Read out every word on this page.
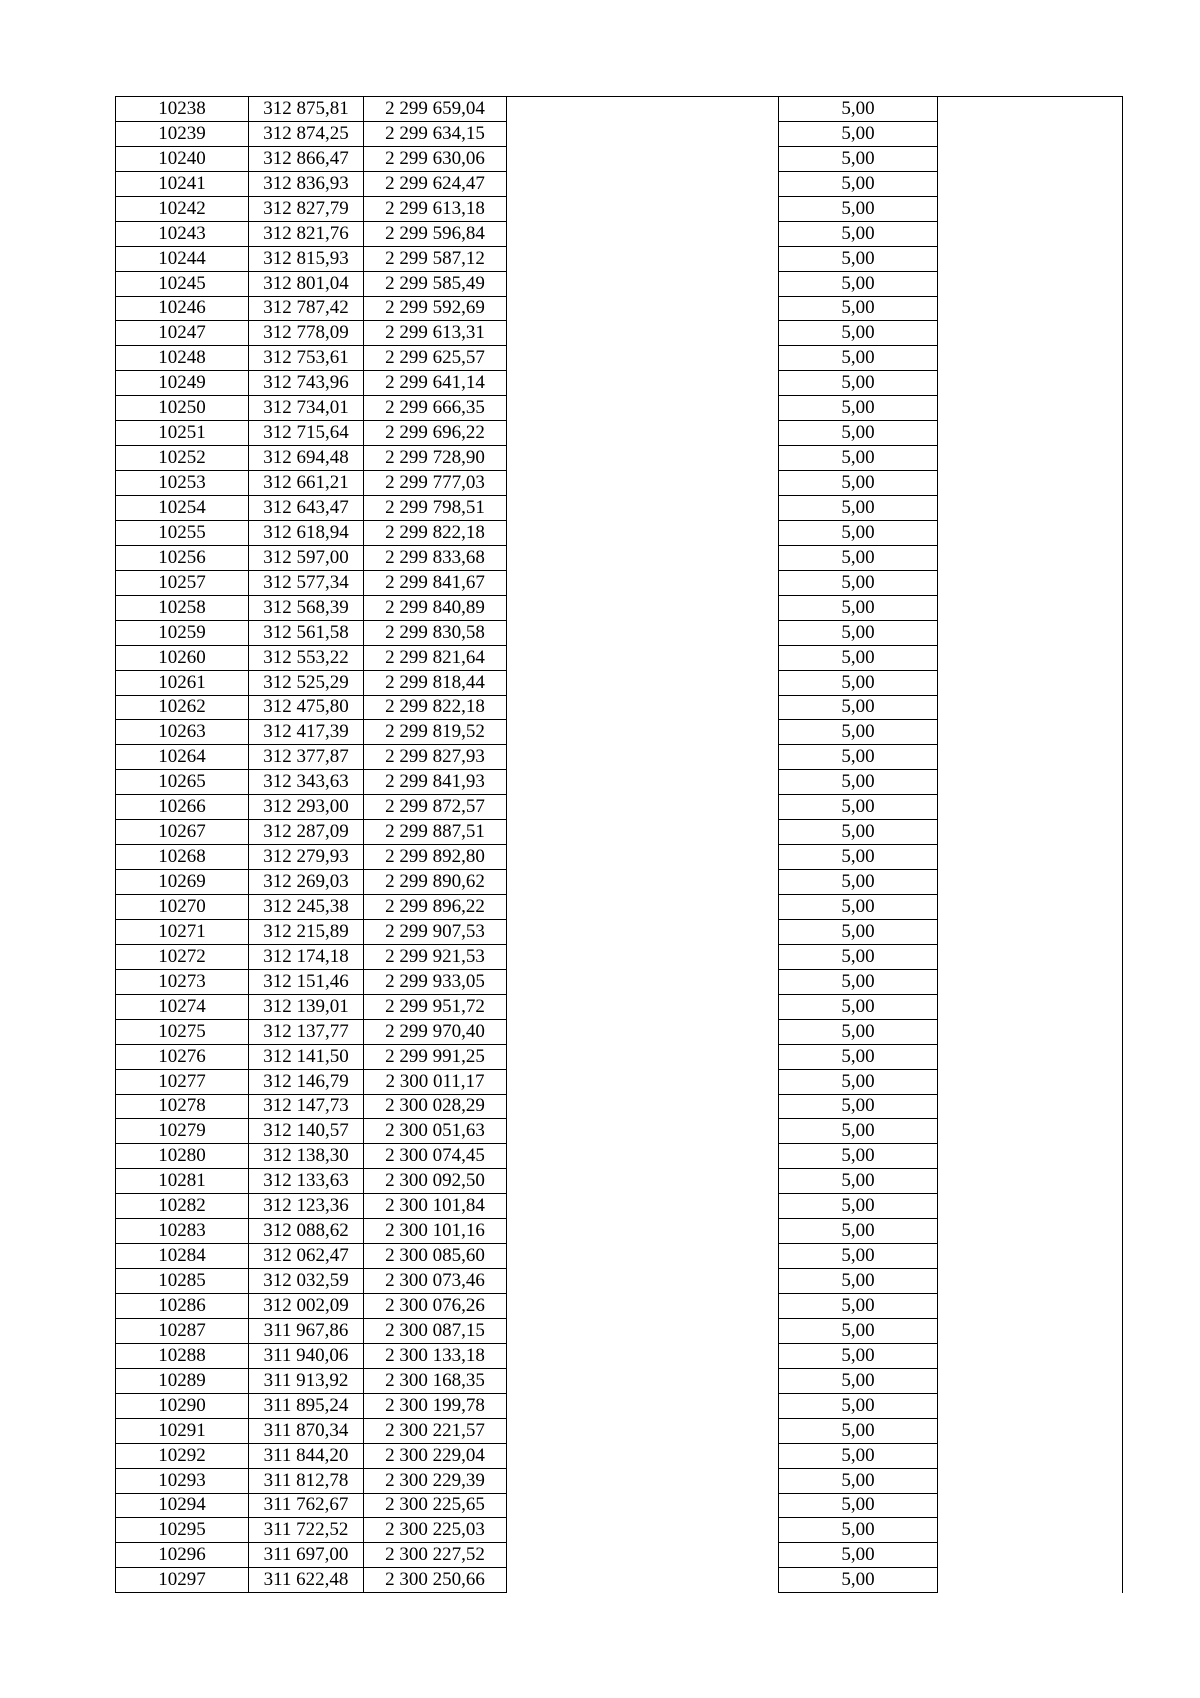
10238	312 875,81	2 299 659,04		5,00	
10239	312 874,25	2 299 634,15		5,00	
10240	312 866,47	2 299 630,06		5,00	
10241	312 836,93	2 299 624,47		5,00	
10242	312 827,79	2 299 613,18		5,00	
10243	312 821,76	2 299 596,84		5,00	
10244	312 815,93	2 299 587,12		5,00	
10245	312 801,04	2 299 585,49		5,00	
10246	312 787,42	2 299 592,69		5,00	
10247	312 778,09	2 299 613,31		5,00	
10248	312 753,61	2 299 625,57		5,00	
10249	312 743,96	2 299 641,14		5,00	
10250	312 734,01	2 299 666,35		5,00	
10251	312 715,64	2 299 696,22		5,00	
10252	312 694,48	2 299 728,90		5,00	
10253	312 661,21	2 299 777,03		5,00	
10254	312 643,47	2 299 798,51		5,00	
10255	312 618,94	2 299 822,18		5,00	
10256	312 597,00	2 299 833,68		5,00	
10257	312 577,34	2 299 841,67		5,00	
10258	312 568,39	2 299 840,89		5,00	
10259	312 561,58	2 299 830,58		5,00	
10260	312 553,22	2 299 821,64		5,00	
10261	312 525,29	2 299 818,44		5,00	
10262	312 475,80	2 299 822,18		5,00	
10263	312 417,39	2 299 819,52		5,00	
10264	312 377,87	2 299 827,93		5,00	
10265	312 343,63	2 299 841,93		5,00	
10266	312 293,00	2 299 872,57		5,00	
10267	312 287,09	2 299 887,51		5,00	
10268	312 279,93	2 299 892,80		5,00	
10269	312 269,03	2 299 890,62		5,00	
10270	312 245,38	2 299 896,22		5,00	
10271	312 215,89	2 299 907,53		5,00	
10272	312 174,18	2 299 921,53		5,00	
10273	312 151,46	2 299 933,05		5,00	
10274	312 139,01	2 299 951,72		5,00	
10275	312 137,77	2 299 970,40		5,00	
10276	312 141,50	2 299 991,25		5,00	
10277	312 146,79	2 300 011,17		5,00	
10278	312 147,73	2 300 028,29		5,00	
10279	312 140,57	2 300 051,63		5,00	
10280	312 138,30	2 300 074,45		5,00	
10281	312 133,63	2 300 092,50		5,00	
10282	312 123,36	2 300 101,84		5,00	
10283	312 088,62	2 300 101,16		5,00	
10284	312 062,47	2 300 085,60		5,00	
10285	312 032,59	2 300 073,46		5,00	
10286	312 002,09	2 300 076,26		5,00	
10287	311 967,86	2 300 087,15		5,00	
10288	311 940,06	2 300 133,18		5,00	
10289	311 913,92	2 300 168,35		5,00	
10290	311 895,24	2 300 199,78		5,00	
10291	311 870,34	2 300 221,57		5,00	
10292	311 844,20	2 300 229,04		5,00	
10293	311 812,78	2 300 229,39		5,00	
10294	311 762,67	2 300 225,65		5,00	
10295	311 722,52	2 300 225,03		5,00	
10296	311 697,00	2 300 227,52		5,00	
10297	311 622,48	2 300 250,66		5,00	
